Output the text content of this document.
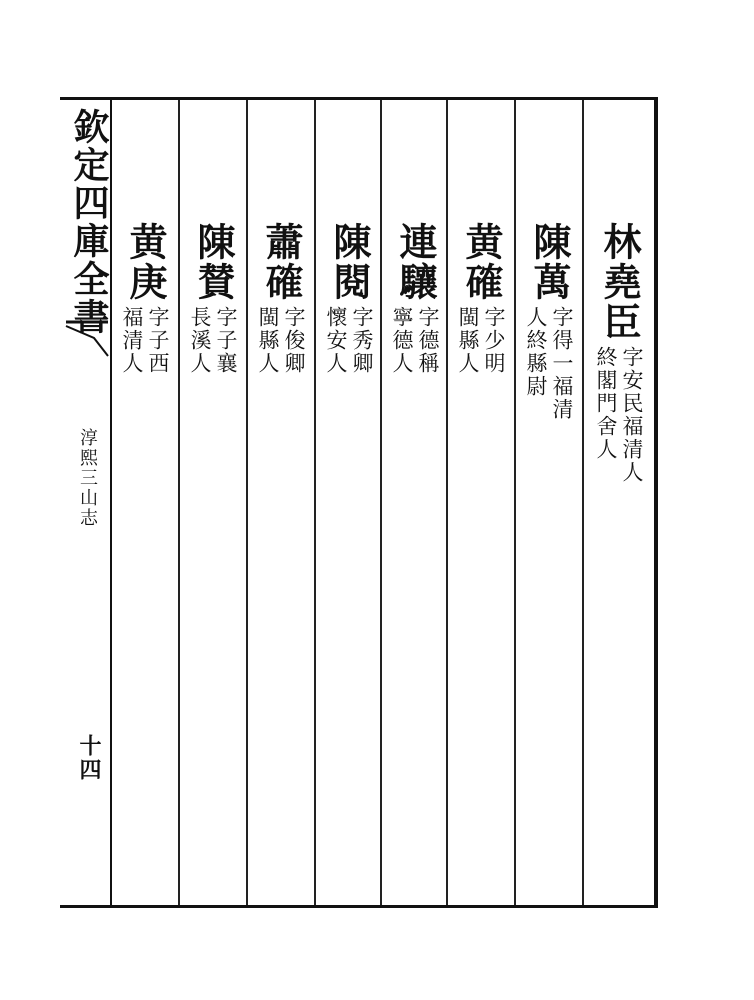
欽定四庫全書
淳熙三山志
十四
林堯臣
字安民福清人
終閣門舍人
陳萬
字得一福清
人終縣尉
黄確
字少明
閩縣人
連驤
字德稱
寧德人
陳閱
字秀卿
懷安人
蕭確
字俊卿
閩縣人
陳賛
字子襄
長溪人
黄庚
字子西
福清人
